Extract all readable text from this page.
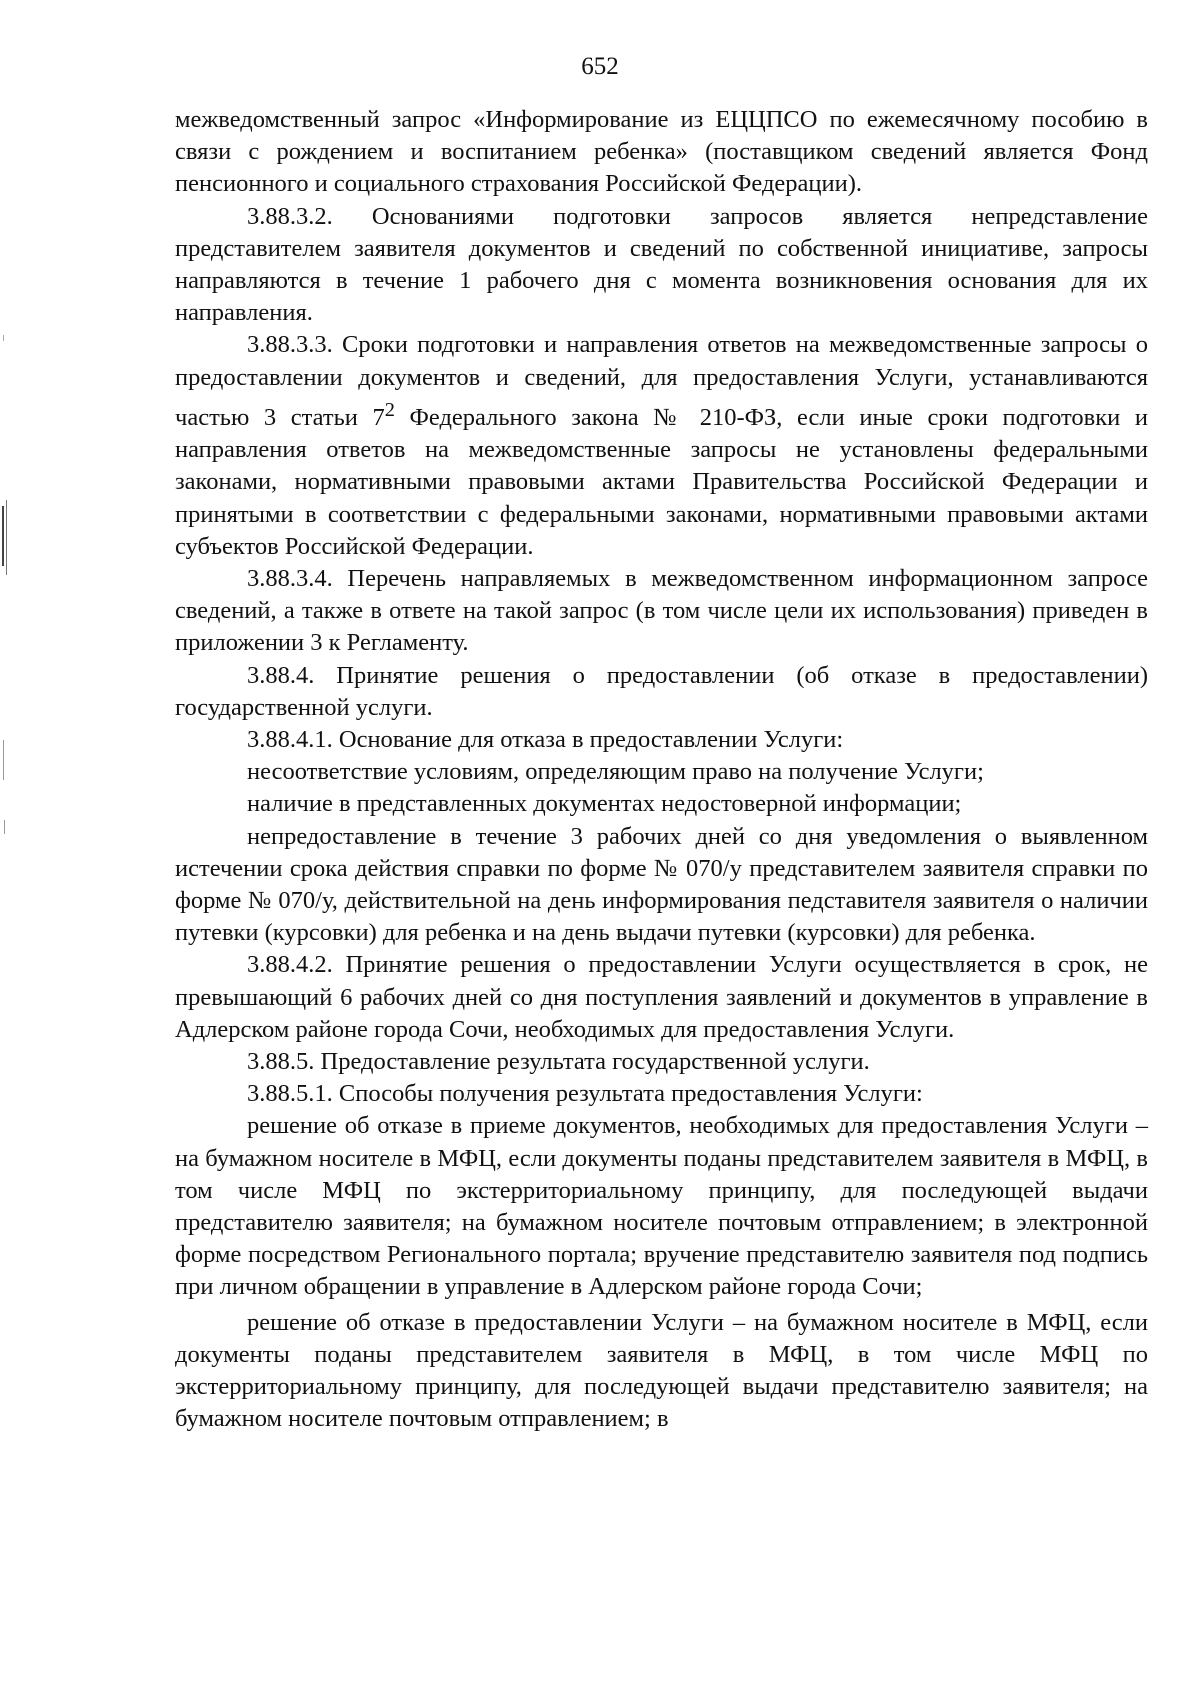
652

межведомственный запрос «Информирование из ЕЦЦПСО по ежемесячному пособию в связи с рождением и воспитанием ребенка» (поставщиком сведений является Фонд пенсионного и социального страхования Российской Федерации).

3.88.3.2. Основаниями подготовки запросов является непредставление представителем заявителя документов и сведений по собственной инициативе, запросы направляются в течение 1 рабочего дня с момента возникновения основания для их направления.

3.88.3.3. Сроки подготовки и направления ответов на межведомственные запросы о предоставлении документов и сведений, для предоставления Услуги, устанавливаются частью 3 статьи $7^2$ Федерального закона № 210-ФЗ, если иные сроки подготовки и направления ответов на межведомственные запросы не установлены федеральными законами, нормативными правовыми актами Правительства Российской Федерации и принятыми в соответствии с федеральными законами, нормативными правовыми актами субъектов Российской Федерации.

3.88.3.4. Перечень направляемых в межведомственном информационном запросе сведений, а также в ответе на такой запрос (в том числе цели их использования) приведен в приложении 3 к Регламенту.

3.88.4. Принятие решения о предоставлении (об отказе в предоставлении) государственной услуги.

3.88.4.1. Основание для отказа в предоставлении Услуги:

несоответствие условиям, определяющим право на получение Услуги;

наличие в представленных документах недостоверной информации;

непредоставление в течение 3 рабочих дней со дня уведомления о выявленном истечении срока действия справки по форме № 070/у представителем заявителя справки по форме № 070/у, действительной на день информирования педставителя заявителя о наличии путевки (курсовки) для ребенка и на день выдачи путевки (курсовки) для ребенка.

3.88.4.2. Принятие решения о предоставлении Услуги осуществляется в срок, не превышающий 6 рабочих дней со дня поступления заявлений и документов в управление в Адлерском районе города Сочи, необходимых для предоставления Услуги.

3.88.5. Предоставление результата государственной услуги.

3.88.5.1. Способы получения результата предоставления Услуги:

решение об отказе в приеме документов, необходимых для предоставления Услуги – на бумажном носителе в МФЦ, если документы поданы представителем заявителя в МФЦ, в том числе МФЦ по экстерриториальному принципу, для последующей выдачи представителю заявителя; на бумажном носителе почтовым отправлением; в электронной форме посредством Регионального портала; вручение представителю заявителя под подпись при личном обращении в управление в Адлерском районе города Сочи;

решение об отказе в предоставлении Услуги – на бумажном носителе в МФЦ, если документы поданы представителем заявителя в МФЦ, в том числе МФЦ по экстерриториальному принципу, для последующей выдачи представителю заявителя; на бумажном носителе почтовым отправлением; в
